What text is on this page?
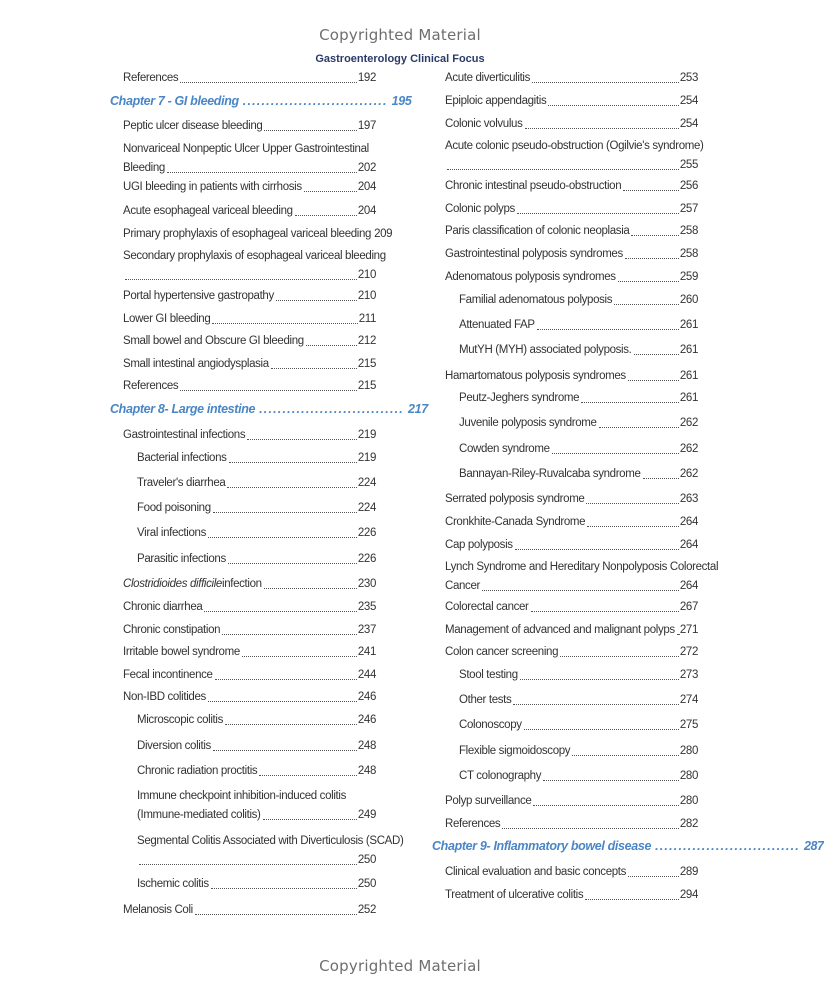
Copyrighted Material
Gastroenterology Clinical Focus
References	192
Chapter 7 - GI bleeding .....	195
Peptic ulcer disease bleeding	197
Nonvariceal Nonpeptic Ulcer Upper Gastrointestinal
Bleeding	202
UGI bleeding in patients with cirrhosis	204
Acute esophageal variceal bleeding	204
Primary prophylaxis of esophageal variceal bleeding 209
Secondary prophylaxis of esophageal variceal bleeding
210
Portal hypertensive gastropathy	210
Lower GI bleeding	211
Small bowel and Obscure GI bleeding	212
Small intestinal angiodysplasia	215
References	215
Chapter 8- Large intestine .....	217
Gastrointestinal infections	219
Bacterial infections	219
Traveler's diarrhea	224
Food poisoning	224
Viral infections	226
Parasitic infections	226
Clostridioides difficile infection	230
Chronic diarrhea	235
Chronic constipation	237
Irritable bowel syndrome	241
Fecal incontinence	244
Non-IBD colitides	246
Microscopic colitis	246
Diversion colitis	248
Chronic radiation proctitis	248
Immune checkpoint inhibition-induced colitis
(Immune-mediated colitis)	249
Segmental Colitis Associated with Diverticulosis (SCAD)
250
Ischemic colitis	250
Melanosis Coli	252
Acute diverticulitis	253
Epiploic appendagitis	254
Colonic volvulus	254
Acute colonic pseudo-obstruction (Ogilvie's syndrome)
255
Chronic intestinal pseudo-obstruction	256
Colonic polyps	257
Paris classification of colonic neoplasia	258
Gastrointestinal polyposis syndromes	258
Adenomatous polyposis syndromes	259
Familial adenomatous polyposis	260
Attenuated FAP	261
MutYH (MYH) associated polyposis.	261
Hamartomatous polyposis syndromes	261
Peutz-Jeghers syndrome	261
Juvenile polyposis syndrome	262
Cowden syndrome	262
Bannayan-Riley-Ruvalcaba syndrome	262
Serrated polyposis syndrome	263
Cronkhite-Canada Syndrome	264
Cap polyposis	264
Lynch Syndrome and Hereditary Nonpolyposis Colorectal
Cancer	264
Colorectal cancer	267
Management of advanced and malignant polyps 271
Colon cancer screening	272
Stool testing	273
Other tests	274
Colonoscopy	275
Flexible sigmoidoscopy	280
CT colonography	280
Polyp surveillance	280
References	282
Chapter 9- Inflammatory bowel disease .....	287
Clinical evaluation and basic concepts	289
Treatment of ulcerative colitis	294
Copyrighted Material
